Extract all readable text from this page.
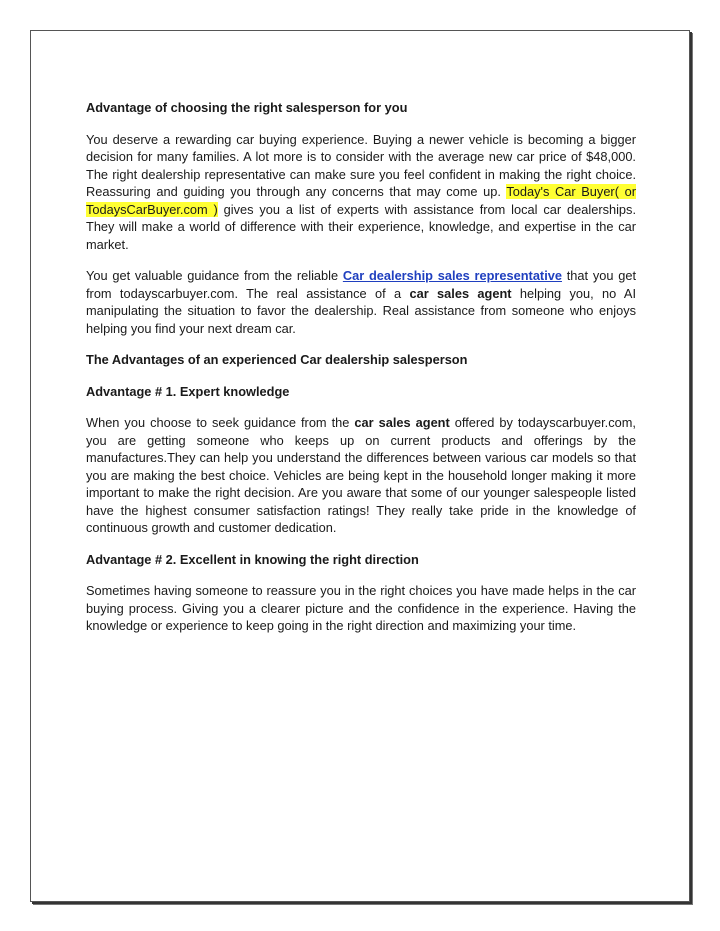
Advantage of choosing the right salesperson for you

You deserve a rewarding car buying experience. Buying a newer vehicle is becoming a bigger decision for many families. A lot more is to consider with the average new car price of $48,000. The right dealership representative can make sure you feel confident in making the right choice. Reassuring and guiding you through any concerns that may come up. Today's Car Buyer( or TodaysCarBuyer.com ) gives you a list of experts with assistance from local car dealerships. They will make a world of difference with their experience, knowledge, and expertise in the car market.

You get valuable guidance from the reliable Car dealership sales representative that you get from todayscarbuyer.com. The real assistance of a car sales agent helping you, no AI manipulating the situation to favor the dealership. Real assistance from someone who enjoys helping you find your next dream car.

The Advantages of an experienced Car dealership salesperson

Advantage # 1. Expert knowledge

When you choose to seek guidance from the car sales agent offered by todayscarbuyer.com, you are getting someone who keeps up on current products and offerings by the manufactures.They can help you understand the differences between various car models so that you are making the best choice. Vehicles are being kept in the household longer making it more important to make the right decision. Are you aware that some of our younger salespeople listed have the highest consumer satisfaction ratings! They really take pride in the knowledge of continuous growth and customer dedication.

Advantage # 2. Excellent in knowing the right direction

Sometimes having someone to reassure you in the right choices you have made helps in the car buying process. Giving you a clearer picture and the confidence in the experience. Having the knowledge or experience to keep going in the right direction and maximizing your time.
